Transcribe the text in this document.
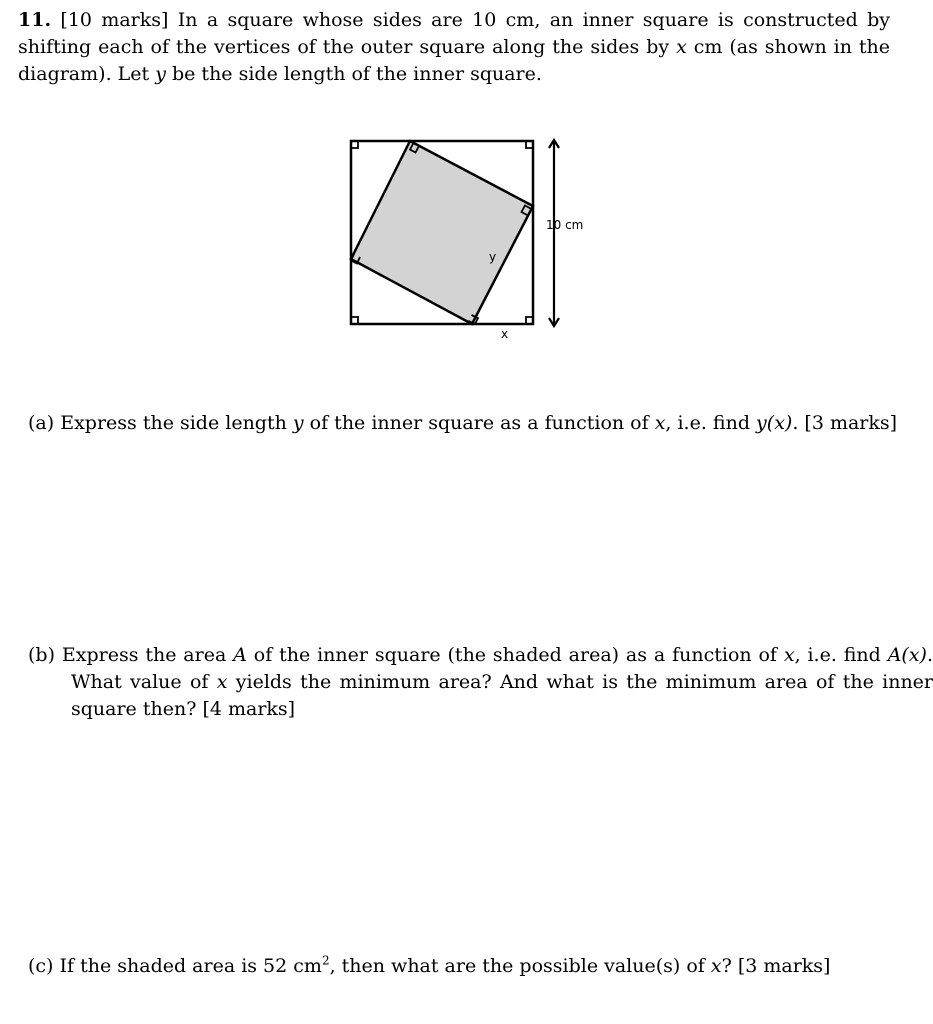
11. [10 marks] In a square whose sides are 10 cm, an inner square is constructed by shifting each of the vertices of the outer square along the sides by x cm (as shown in the diagram). Let y be the side length of the inner square.
10 cm
y
x
(a) Express the side length y of the inner square as a function of x, i.e. find y(x). [3 marks]
(b) Express the area A of the inner square (the shaded area) as a function of x, i.e. find A(x). What value of x yields the minimum area? And what is the minimum area of the inner square then? [4 marks]
(c) If the shaded area is 52 $cm^2$, then what are the possible value(s) of x? [3 marks]
